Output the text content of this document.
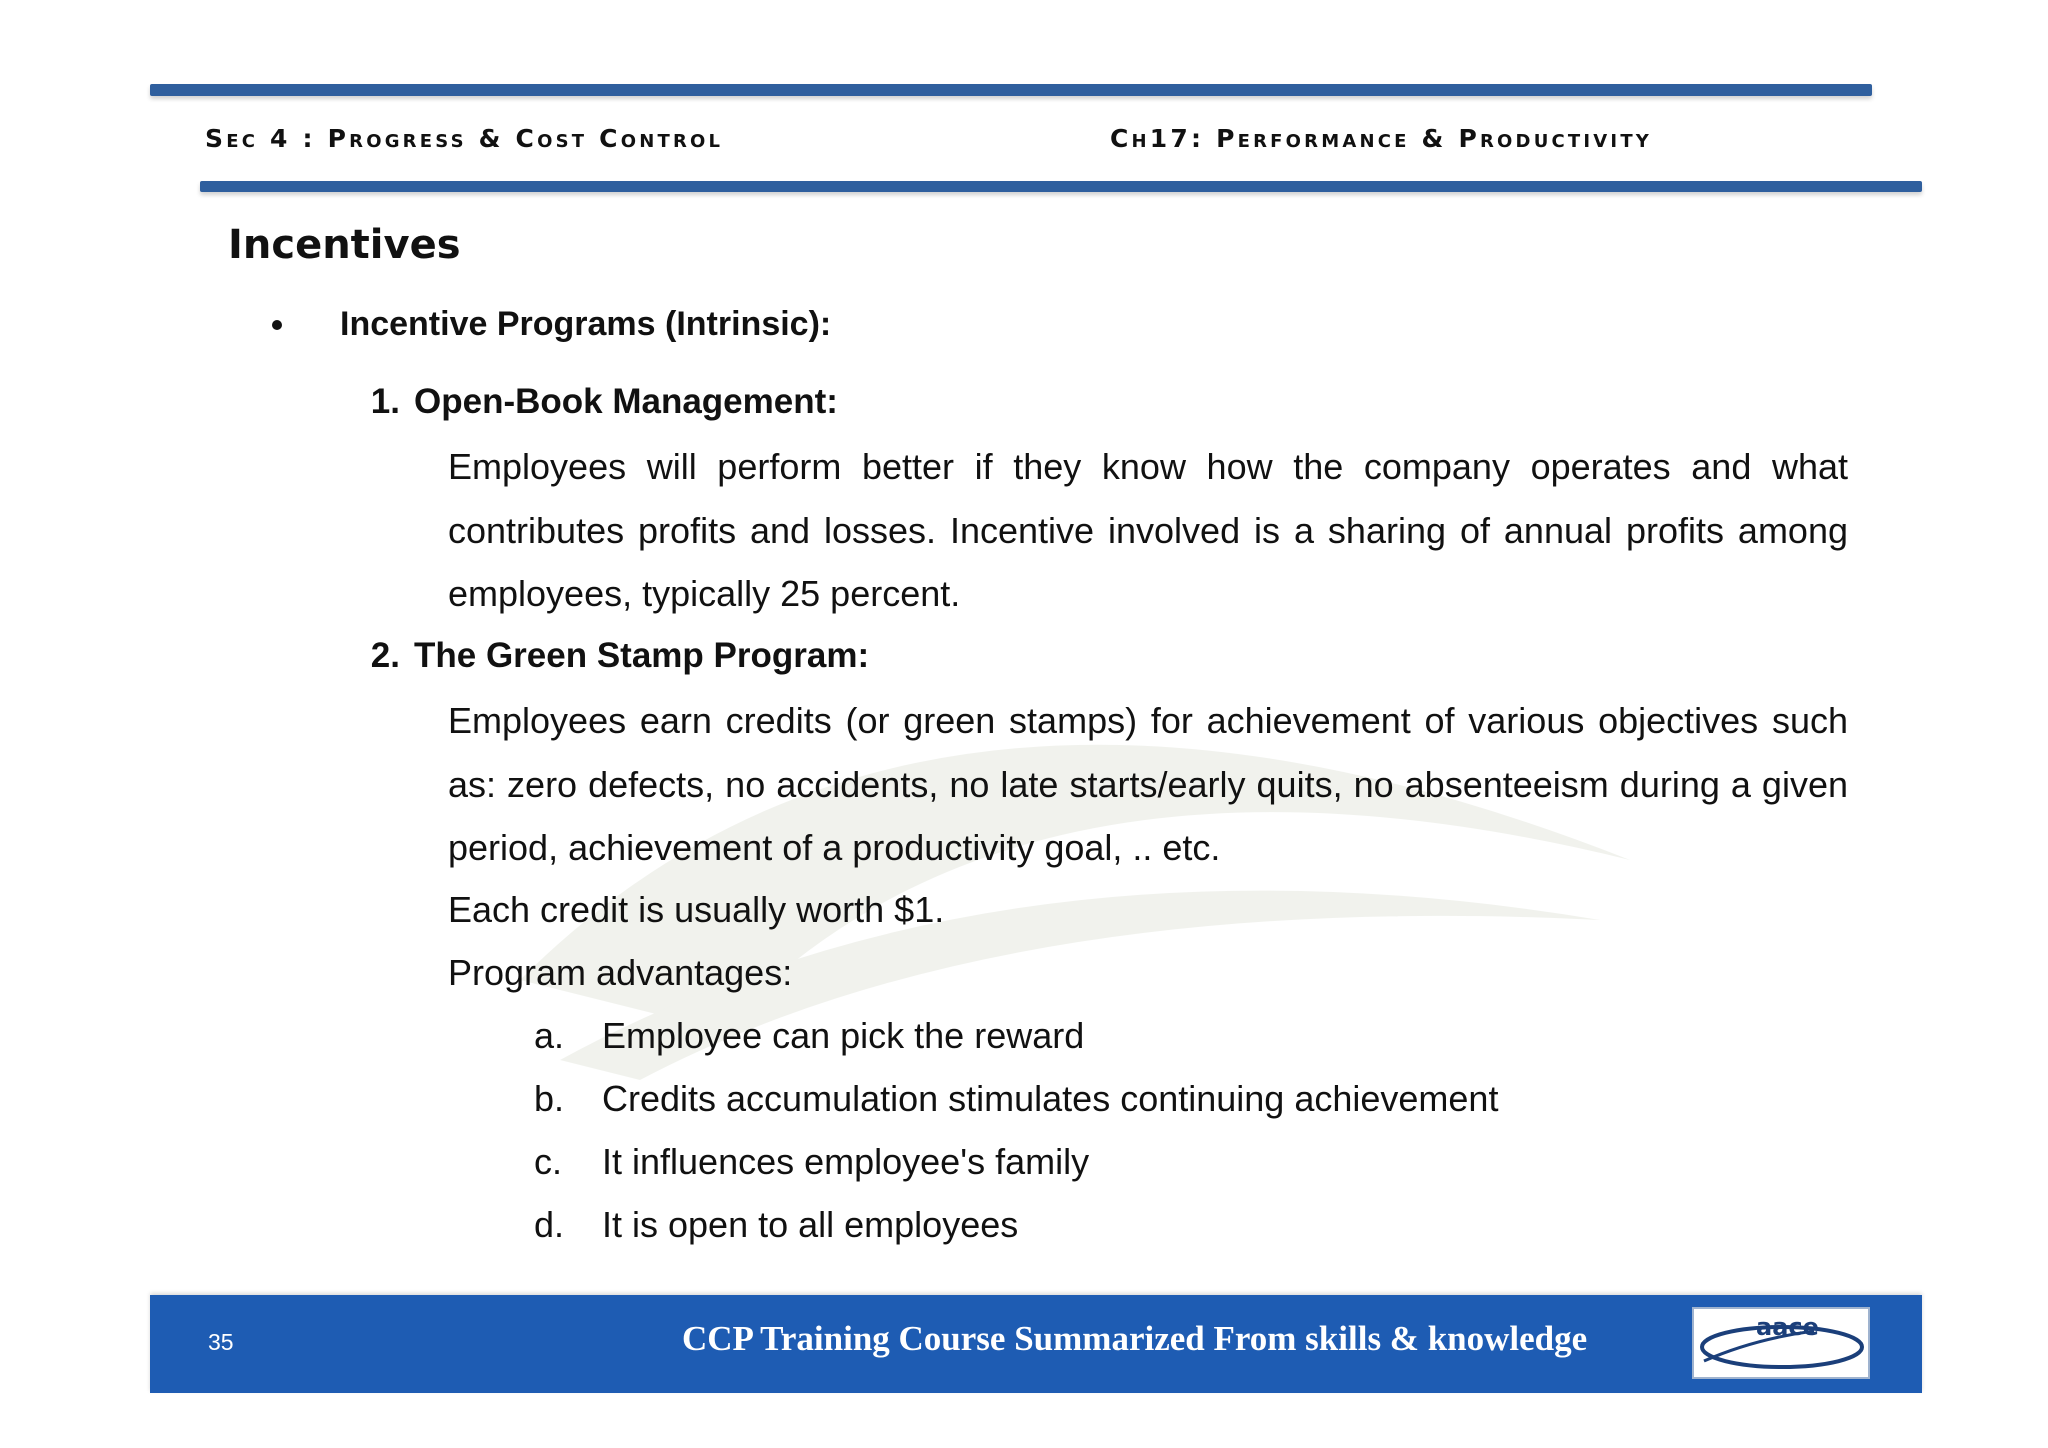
Sec 4 : Progress & Cost Control	Ch17: Performance & Productivity
Incentives
Incentive Programs (Intrinsic):
1. Open-Book Management:

Employees will perform better if they know how the company operates and what contributes profits and losses. Incentive involved is a sharing of annual profits among employees, typically 25 percent.

2. The Green Stamp Program:

Employees earn credits (or green stamps) for achievement of various objectives such as: zero defects, no accidents, no late starts/early quits, no absenteeism during a given period, achievement of a productivity goal, .. etc.

Each credit is usually worth $1.
Program advantages:
a. Employee can pick the reward
b. Credits accumulation stimulates continuing achievement
c. It influences employee's family
d. It is open to all employees
35	CCP Training Course Summarized From skills & knowledge	aace
